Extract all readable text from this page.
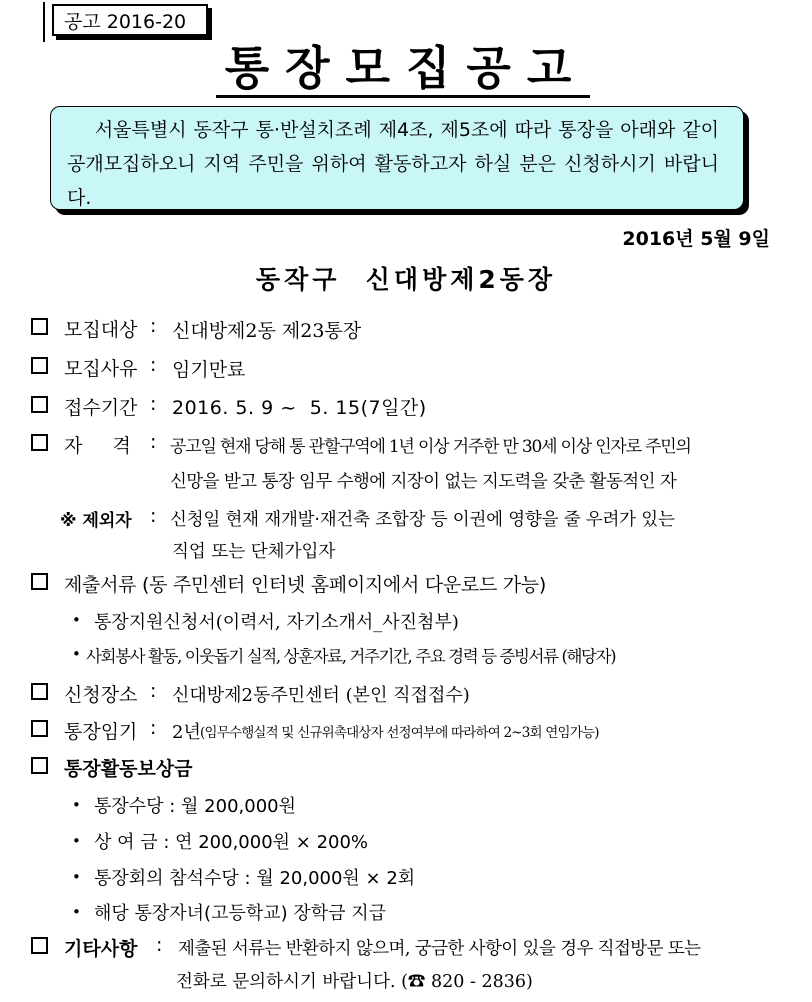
공고 2016-20
통장모집공고
서울특별시 동작구 통·반설치조례 제4조, 제5조에 따라 통장을 아래와 같이 공개모집하오니 지역 주민을 위하여 활동하고자 하실 분은 신청하시기 바랍니다.
2016년 5월 9일
동작구  신대방제2동장
모집대상 : 신대방제2동 제23통장
모집사유 : 임기만료
접수기간 : 2016. 5. 9 ~  5. 15(7일간)
자     격 : 공고일 현재 당해 통 관할구역에 1년 이상 거주한 만 30세 이상 인자로 주민의
신망을 받고 통장 임무 수행에 지장이 없는 지도력을 갖춘 활동적인 자
※ 제외자 : 신청일 현재 재개발·재건축 조합장 등 이권에 영향을 줄 우려가 있는
직업 또는 단체가입자
제출서류 (동 주민센터 인터넷 홈페이지에서 다운로드 가능)
• 통장지원신청서(이력서, 자기소개서_사진첨부)
• 사회봉사 활동, 이웃돕기 실적, 상훈자료, 거주기간, 주요 경력 등 증빙서류 (해당자)
신청장소 : 신대방제2동주민센터 (본인 직접접수)
통장임기 : 2년 (임무수행실적 및 신규위촉대상자 선정여부에 따라하여 2~3회 연임가능)
통장활동보상금
• 통장수당 : 월 200,000원
• 상 여 금 : 연 200,000원 × 200%
• 통장회의 참석수당 : 월 20,000원 × 2회
• 해당 통장자녀(고등학교) 장학금 지급
기타사항 : 제출된 서류는 반환하지 않으며, 궁금한 사항이 있을 경우 직접방문 또는
전화로 문의하시기 바랍니다. (☎ 820 - 2836)
